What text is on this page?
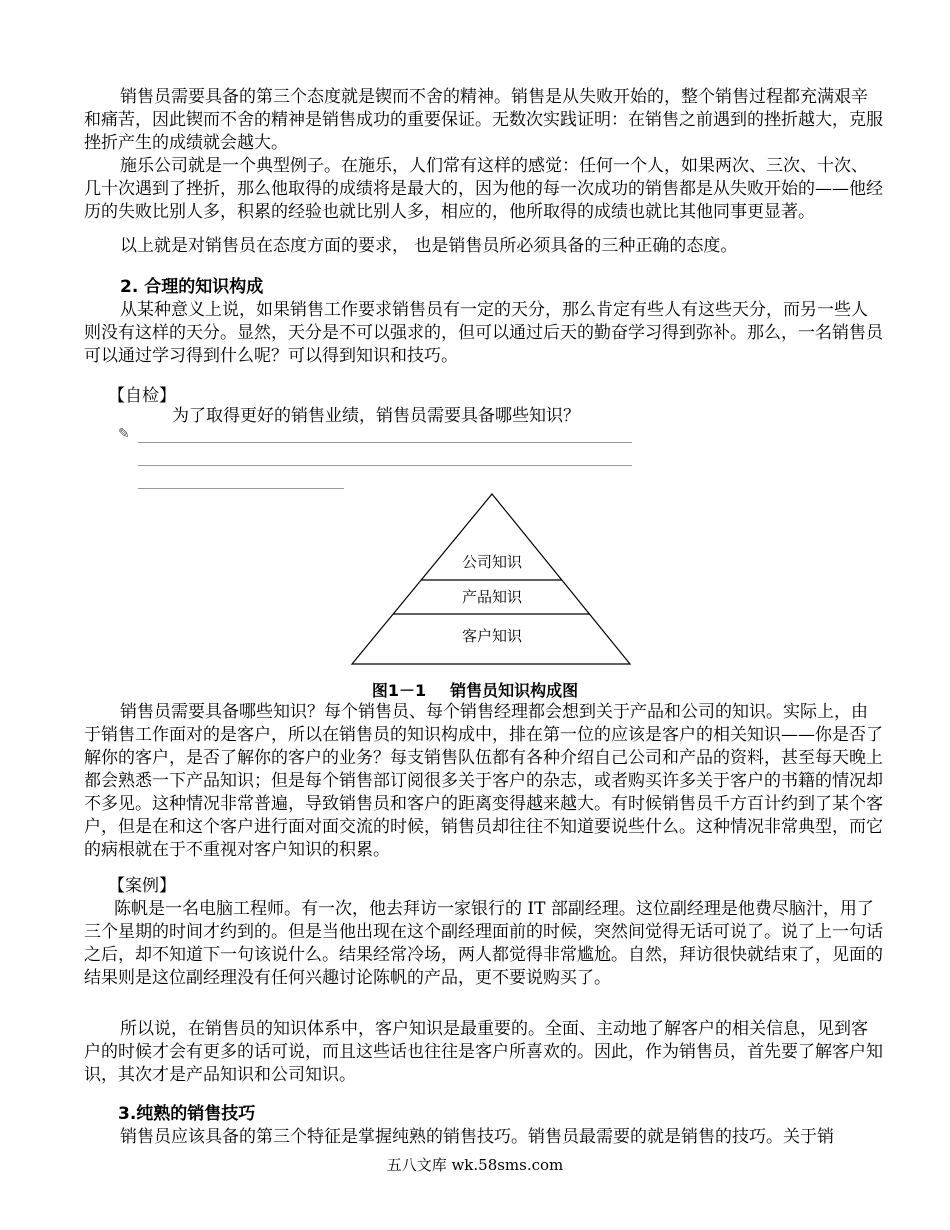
销售员需要具备的第三个态度就是锲而不舍的精神。销售是从失败开始的，整个销售过程都充满艰辛和痛苦，因此锲而不舍的精神是销售成功的重要保证。无数次实践证明：在销售之前遇到的挫折越大，克服挫折产生的成绩就会越大。

施乐公司就是一个典型例子。在施乐，人们常有这样的感觉：任何一个人，如果两次、三次、十次、几十次遇到了挫折，那么他取得的成绩将是最大的，因为他的每一次成功的销售都是从失败开始的——他经历的失败比别人多，积累的经验也就比别人多，相应的，他所取得的成绩也就比其他同事更显著。

以上就是对销售员在态度方面的要求， 也是销售员所必须具备的三种正确的态度。

2. 合理的知识构成

从某种意义上说，如果销售工作要求销售员有一定的天分，那么肯定有些人有这些天分，而另一些人则没有这样的天分。显然，天分是不可以强求的，但可以通过后天的勤奋学习得到弥补。那么，一名销售员可以通过学习得到什么呢？可以得到知识和技巧。

【自检】

为了取得更好的销售业绩，销售员需要具备哪些知识？

✎
公司知识
产品知识
客户知识
图1－1 销售员知识构成图

销售员需要具备哪些知识？每个销售员、每个销售经理都会想到关于产品和公司的知识。实际上，由于销售工作面对的是客户，所以在销售员的知识构成中，排在第一位的应该是客户的相关知识——你是否了解你的客户，是否了解你的客户的业务？每支销售队伍都有各种介绍自己公司和产品的资料，甚至每天晚上都会熟悉一下产品知识；但是每个销售部订阅很多关于客户的杂志，或者购买许多关于客户的书籍的情况却不多见。这种情况非常普遍，导致销售员和客户的距离变得越来越大。有时候销售员千方百计约到了某个客户，但是在和这个客户进行面对面交流的时候，销售员却往往不知道要说些什么。这种情况非常典型，而它的病根就在于不重视对客户知识的积累。

【案例】

陈帆是一名电脑工程师。有一次，他去拜访一家银行的 IT 部副经理。这位副经理是他费尽脑汁，用了三个星期的时间才约到的。但是当他出现在这个副经理面前的时候，突然间觉得无话可说了。说了上一句话之后，却不知道下一句该说什么。结果经常冷场，两人都觉得非常尴尬。自然，拜访很快就结束了，见面的结果则是这位副经理没有任何兴趣讨论陈帆的产品，更不要说购买了。

所以说，在销售员的知识体系中，客户知识是最重要的。全面、主动地了解客户的相关信息，见到客户的时候才会有更多的话可说，而且这些话也往往是客户所喜欢的。因此，作为销售员，首先要了解客户知识，其次才是产品知识和公司知识。

3.纯熟的销售技巧

销售员应该具备的第三个特征是掌握纯熟的销售技巧。销售员最需要的就是销售的技巧。关于销

五八文库 wk.58sms.com
